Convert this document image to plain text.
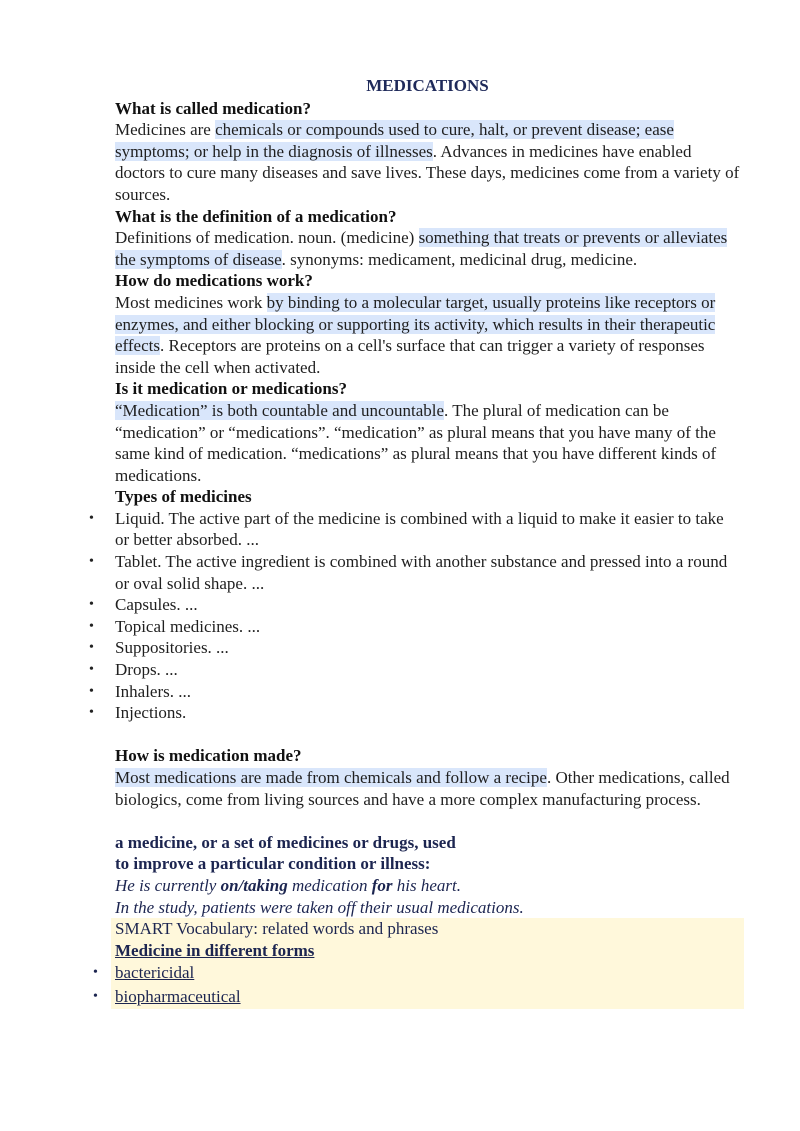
MEDICATIONS

What is called medication?

Medicines are chemicals or compounds used to cure, halt, or prevent disease; ease symptoms; or help in the diagnosis of illnesses. Advances in medicines have enabled doctors to cure many diseases and save lives. These days, medicines come from a variety of sources.

What is the definition of a medication?

Definitions of medication. noun. (medicine) something that treats or prevents or alleviates the symptoms of disease. synonyms: medicament, medicinal drug, medicine.

How do medications work?

Most medicines work by binding to a molecular target, usually proteins like receptors or enzymes, and either blocking or supporting its activity, which results in their therapeutic effects. Receptors are proteins on a cell's surface that can trigger a variety of responses inside the cell when activated.

Is it medication or medications?

“Medication” is both countable and uncountable. The plural of medication can be “medication” or “medications”. “medication” as plural means that you have many of the same kind of medication. “medications” as plural means that you have different kinds of medications.

Types of medicines

• Liquid. The active part of the medicine is combined with a liquid to make it easier to take or better absorbed. ...
• Tablet. The active ingredient is combined with another substance and pressed into a round or oval solid shape. ...
• Capsules. ...
• Topical medicines. ...
• Suppositories. ...
• Drops. ...
• Inhalers. ...
• Injections.

How is medication made?

Most medications are made from chemicals and follow a recipe. Other medications, called biologics, come from living sources and have a more complex manufacturing process.

a medicine, or a set of medicines or drugs, used

to improve a particular condition or illness:

He is currently on/taking medication for his heart.

In the study, patients were taken off their usual medications.

SMART Vocabulary: related words and phrases

Medicine in different forms

• bactericidal
• biopharmaceutical
